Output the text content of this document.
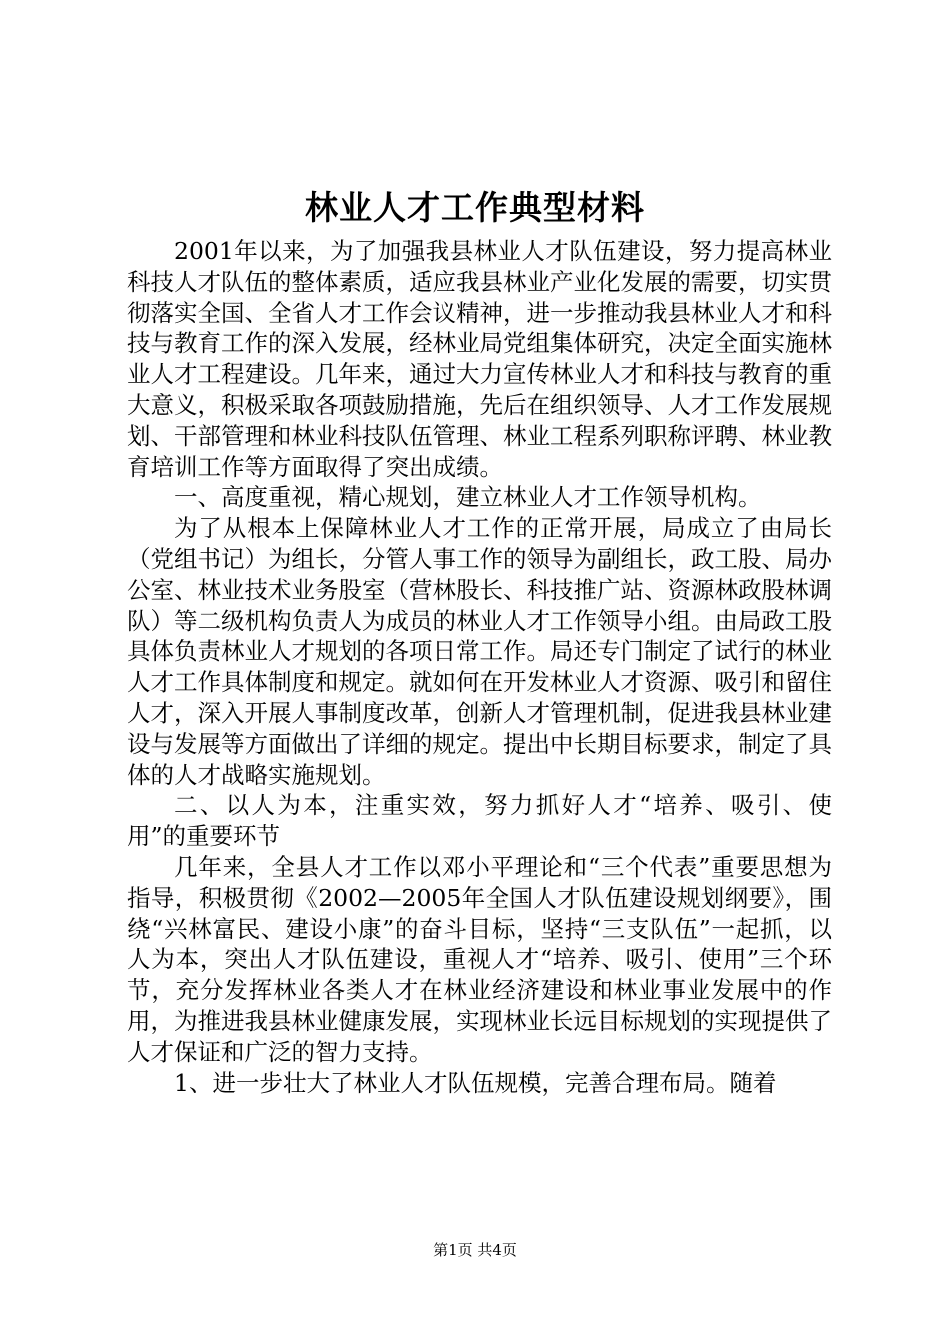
林业人才工作典型材料

2001年以来，为了加强我县林业人才队伍建设，努力提高林业科技人才队伍的整体素质，适应我县林业产业化发展的需要，切实贯彻落实全国、全省人才工作会议精神，进一步推动我县林业人才和科技与教育工作的深入发展，经林业局党组集体研究，决定全面实施林业人才工程建设。几年来，通过大力宣传林业人才和科技与教育的重大意义，积极采取各项鼓励措施，先后在组织领导、人才工作发展规划、干部管理和林业科技队伍管理、林业工程系列职称评聘、林业教育培训工作等方面取得了突出成绩。

一、高度重视，精心规划，建立林业人才工作领导机构。

为了从根本上保障林业人才工作的正常开展，局成立了由局长（党组书记）为组长，分管人事工作的领导为副组长，政工股、局办公室、林业技术业务股室（营林股长、科技推广站、资源林政股林调队）等二级机构负责人为成员的林业人才工作领导小组。由局政工股具体负责林业人才规划的各项日常工作。局还专门制定了试行的林业人才工作具体制度和规定。就如何在开发林业人才资源、吸引和留住人才，深入开展人事制度改革，创新人才管理机制，促进我县林业建设与发展等方面做出了详细的规定。提出中长期目标要求，制定了具体的人才战略实施规划。

二、以人为本，注重实效，努力抓好人才“培养、吸引、使用”的重要环节

几年来，全县人才工作以邓小平理论和“三个代表”重要思想为指导，积极贯彻《2002—2005年全国人才队伍建设规划纲要》，围绕“兴林富民、建设小康”的奋斗目标，坚持“三支队伍”一起抓，以人为本，突出人才队伍建设，重视人才“培养、吸引、使用”三个环节，充分发挥林业各类人才在林业经济建设和林业事业发展中的作用，为推进我县林业健康发展，实现林业长远目标规划的实现提供了人才保证和广泛的智力支持。

1、进一步壮大了林业人才队伍规模，完善合理布局。随着

第1页 共4页
